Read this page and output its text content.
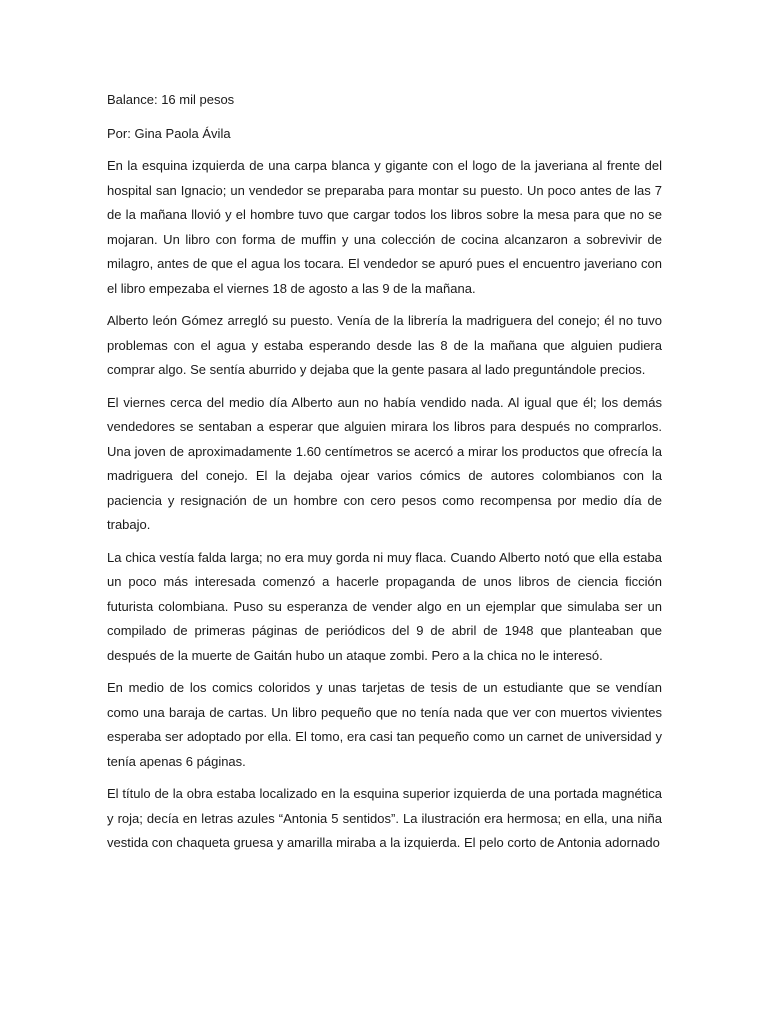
Balance: 16 mil pesos

Por: Gina Paola Ávila

En la esquina izquierda de una carpa blanca y gigante con el logo de la javeriana al frente del hospital san Ignacio; un vendedor se preparaba para montar su puesto. Un poco antes de las 7 de la mañana llovió y el hombre tuvo que cargar todos los libros sobre la mesa para que no se mojaran. Un libro con forma de muffin y una colección de cocina alcanzaron a sobrevivir de milagro, antes de que el agua los tocara. El vendedor se apuró pues el encuentro javeriano con el libro empezaba el viernes 18 de agosto a las 9 de la mañana.

Alberto león Gómez arregló su puesto. Venía de la librería la madriguera del conejo; él no tuvo problemas con el agua y estaba esperando desde las 8 de la mañana que alguien pudiera comprar algo. Se sentía aburrido y dejaba que la gente pasara al lado preguntándole precios.

El viernes cerca del medio día Alberto aun no había vendido nada. Al igual que él; los demás vendedores se sentaban a esperar que alguien mirara los libros para después no comprarlos. Una joven de aproximadamente 1.60 centímetros se acercó a mirar los productos que ofrecía la madriguera del conejo. El la dejaba ojear varios cómics de autores colombianos con la paciencia y resignación de un hombre con cero pesos como recompensa por medio día de trabajo.

La chica vestía falda larga; no era muy gorda ni muy flaca. Cuando Alberto notó que ella estaba un poco más interesada comenzó a hacerle propaganda de unos libros de ciencia ficción futurista colombiana. Puso su esperanza de vender algo en un ejemplar que simulaba ser un compilado de primeras páginas de periódicos del 9 de abril de 1948 que planteaban que después de la muerte de Gaitán hubo un ataque zombi. Pero a la chica no le interesó.

En medio de los comics coloridos y unas tarjetas de tesis de un estudiante que se vendían como una baraja de cartas. Un libro pequeño que no tenía nada que ver con muertos vivientes esperaba ser adoptado por ella. El tomo, era casi tan pequeño como un carnet de universidad y tenía apenas 6 páginas.

El título de la obra estaba localizado en la esquina superior izquierda de una portada magnética y roja; decía en letras azules “Antonia 5 sentidos”. La ilustración era hermosa; en ella, una niña vestida con chaqueta gruesa y amarilla miraba a la izquierda. El pelo corto de Antonia adornado
